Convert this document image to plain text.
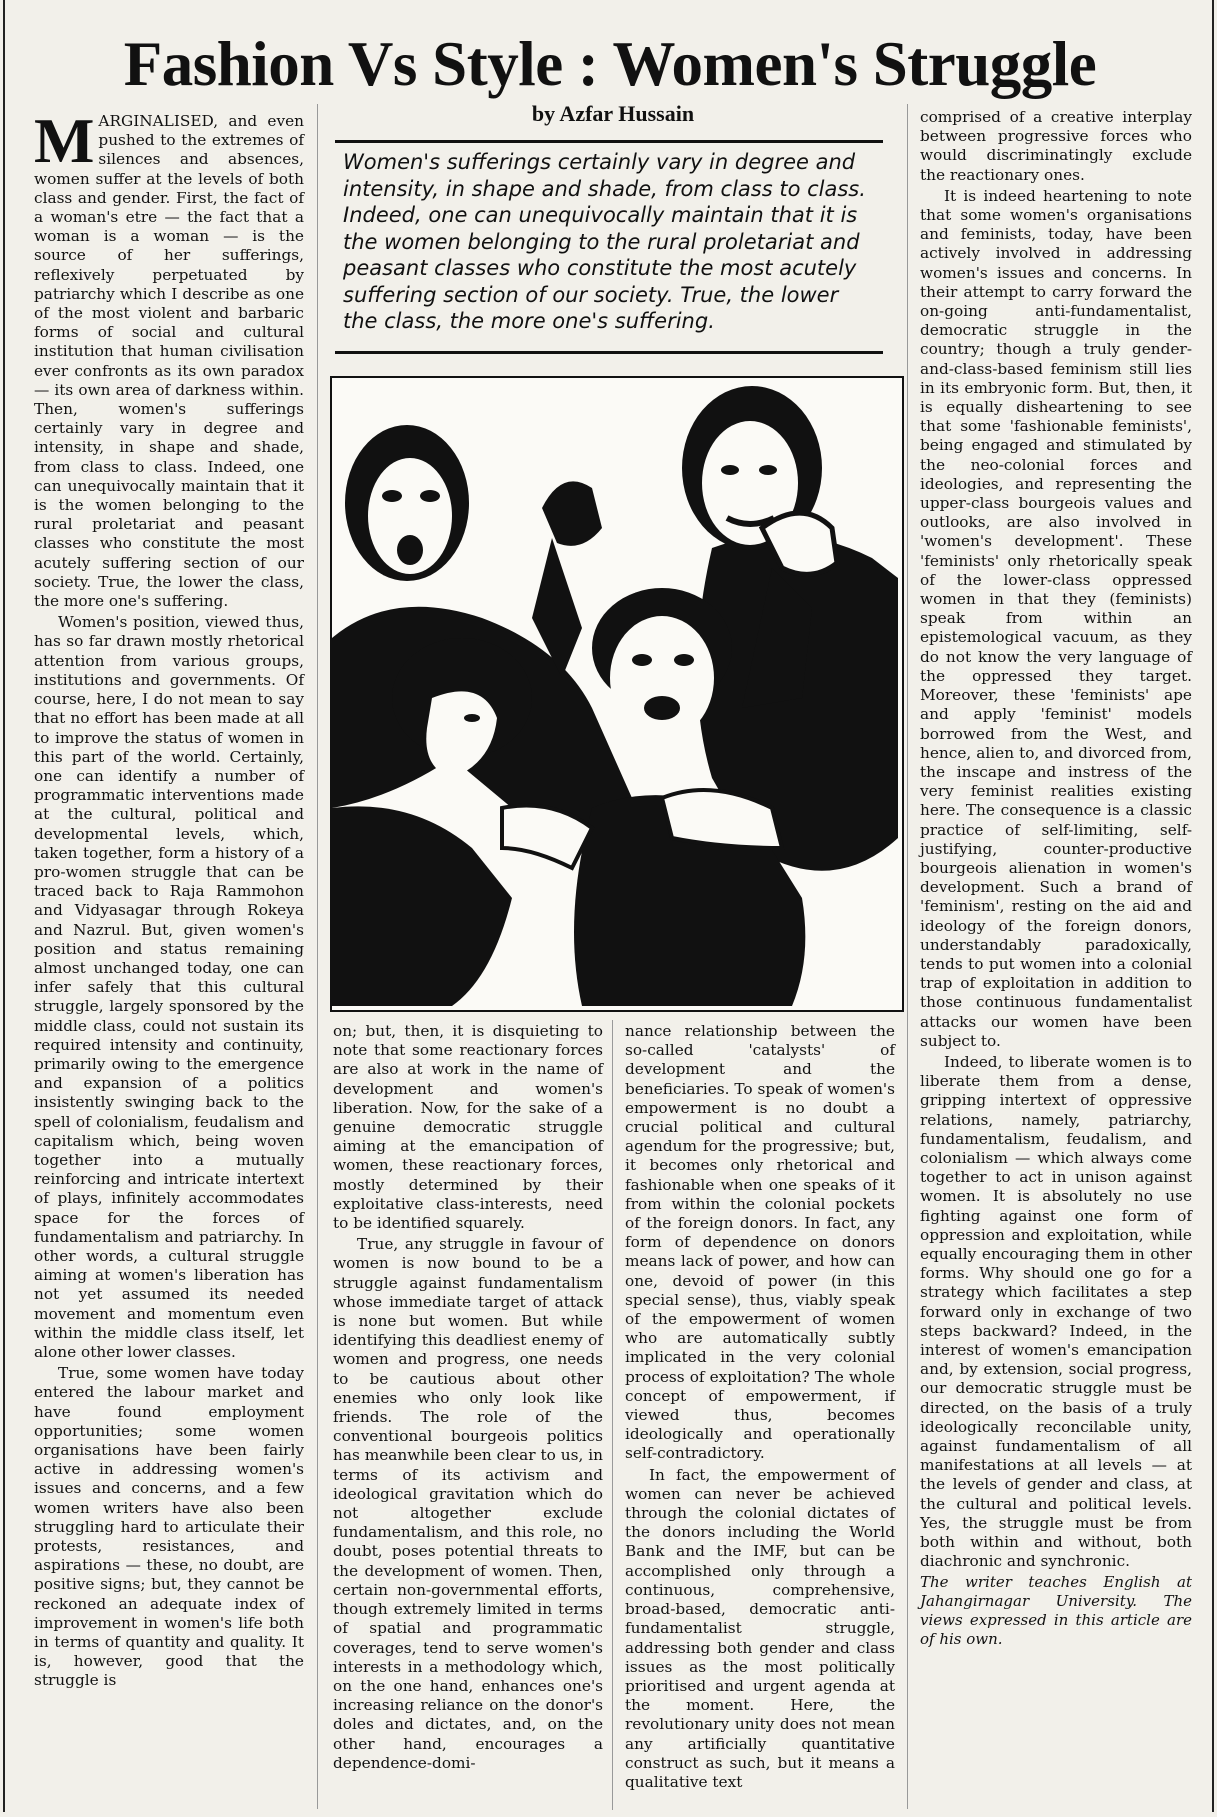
Fashion Vs Style : Women's Struggle
by Azfar Hussain
Women's sufferings certainly vary in degree and intensity, in shape and shade, from class to class. Indeed, one can unequivocally maintain that it is the women belonging to the rural proletariat and peasant classes who constitute the most acutely suffering section of our society. True, the lower the class, the more one's suffering.

MARGINALISED, and even pushed to the extremes of silences and absences, women suffer at the levels of both class and gender. First, the fact of a woman's etre — the fact that a woman is a woman — is the source of her sufferings, reflexively perpetuated by patriarchy which I describe as one of the most violent and barbaric forms of social and cultural institution that human civilisation ever confronts as its own paradox — its own area of darkness within. Then, women's sufferings certainly vary in degree and intensity, in shape and shade, from class to class. Indeed, one can unequivocally maintain that it is the women belonging to the rural proletariat and peasant classes who constitute the most acutely suffering section of our society. True, the lower the class, the more one's suffering.

Women's position, viewed thus, has so far drawn mostly rhetorical attention from various groups, institutions and governments. Of course, here, I do not mean to say that no effort has been made at all to improve the status of women in this part of the world. Certainly, one can identify a number of programmatic interventions made at the cultural, political and developmental levels, which, taken together, form a history of a pro-women struggle that can be traced back to Raja Rammohon and Vidyasagar through Rokeya and Nazrul. But, given women's position and status remaining almost unchanged today, one can infer safely that this cultural struggle, largely sponsored by the middle class, could not sustain its required intensity and continuity, primarily owing to the emergence and expansion of a politics insistently swinging back to the spell of colonialism, feudalism and capitalism which, being woven together into a mutually reinforcing and intricate intertext of plays, infinitely accommodates space for the forces of fundamentalism and patriarchy. In other words, a cultural struggle aiming at women's liberation has not yet assumed its needed movement and momentum even within the middle class itself, let alone other lower classes.

True, some women have today entered the labour market and have found employment opportunities; some women organisations have been fairly active in addressing women's issues and concerns, and a few women writers have also been struggling hard to articulate their protests, resistances, and aspirations — these, no doubt, are positive signs; but, they cannot be reckoned an adequate index of improvement in women's life both in terms of quantity and quality. It is, however, good that the struggle is

on; but, then, it is disquieting to note that some reactionary forces are also at work in the name of development and women's liberation. Now, for the sake of a genuine democratic struggle aiming at the emancipation of women, these reactionary forces, mostly determined by their exploitative class-interests, need to be identified squarely.

True, any struggle in favour of women is now bound to be a struggle against fundamentalism whose immediate target of attack is none but women. But while identifying this deadliest enemy of women and progress, one needs to be cautious about other enemies who only look like friends. The role of the conventional bourgeois politics has meanwhile been clear to us, in terms of its activism and ideological gravitation which do not altogether exclude fundamentalism, and this role, no doubt, poses potential threats to the development of women. Then, certain non-governmental efforts, though extremely limited in terms of spatial and programmatic coverages, tend to serve women's interests in a methodology which, on the one hand, enhances one's increasing reliance on the donor's doles and dictates, and, on the other hand, encourages a dependence-domi-

nance relationship between the so-called 'catalysts' of development and the beneficiaries. To speak of women's empowerment is no doubt a crucial political and cultural agendum for the progressive; but, it becomes only rhetorical and fashionable when one speaks of it from within the colonial pockets of the foreign donors. In fact, any form of dependence on donors means lack of power, and how can one, devoid of power (in this special sense), thus, viably speak of the empowerment of women who are automatically subtly implicated in the very colonial process of exploitation? The whole concept of empowerment, if viewed thus, becomes ideologically and operationally self-contradictory.

In fact, the empowerment of women can never be achieved through the colonial dictates of the donors including the World Bank and the IMF, but can be accomplished only through a continuous, comprehensive, broad-based, democratic anti-fundamentalist struggle, addressing both gender and class issues as the most politically prioritised and urgent agenda at the moment. Here, the revolutionary unity does not mean any artificially quantitative construct as such, but it means a qualitative text

comprised of a creative interplay between progressive forces who would discriminatingly exclude the reactionary ones.

It is indeed heartening to note that some women's organisations and feminists, today, have been actively involved in addressing women's issues and concerns. In their attempt to carry forward the on-going anti-fundamentalist, democratic struggle in the country; though a truly gender-and-class-based feminism still lies in its embryonic form. But, then, it is equally disheartening to see that some 'fashionable feminists', being engaged and stimulated by the neo-colonial forces and ideologies, and representing the upper-class bourgeois values and outlooks, are also involved in 'women's development'. These 'feminists' only rhetorically speak of the lower-class oppressed women in that they (feminists) speak from within an epistemological vacuum, as they do not know the very language of the oppressed they target. Moreover, these 'feminists' ape and apply 'feminist' models borrowed from the West, and hence, alien to, and divorced from, the inscape and instress of the very feminist realities existing here. The consequence is a classic practice of self-limiting, self-justifying, counter-productive bourgeois alienation in women's development. Such a brand of 'feminism', resting on the aid and ideology of the foreign donors, understandably paradoxically, tends to put women into a colonial trap of exploitation in addition to those continuous fundamentalist attacks our women have been subject to.

Indeed, to liberate women is to liberate them from a dense, gripping intertext of oppressive relations, namely, patriarchy, fundamentalism, feudalism, and colonialism — which always come together to act in unison against women. It is absolutely no use fighting against one form of oppression and exploitation, while equally encouraging them in other forms. Why should one go for a strategy which facilitates a step forward only in exchange of two steps backward? Indeed, in the interest of women's emancipation and, by extension, social progress, our democratic struggle must be directed, on the basis of a truly ideologically reconcilable unity, against fundamentalism of all manifestations at all levels — at the levels of gender and class, at the cultural and political levels. Yes, the struggle must be from both within and without, both diachronic and synchronic.

The writer teaches English at Jahangirnagar University. The views expressed in this article are of his own.
